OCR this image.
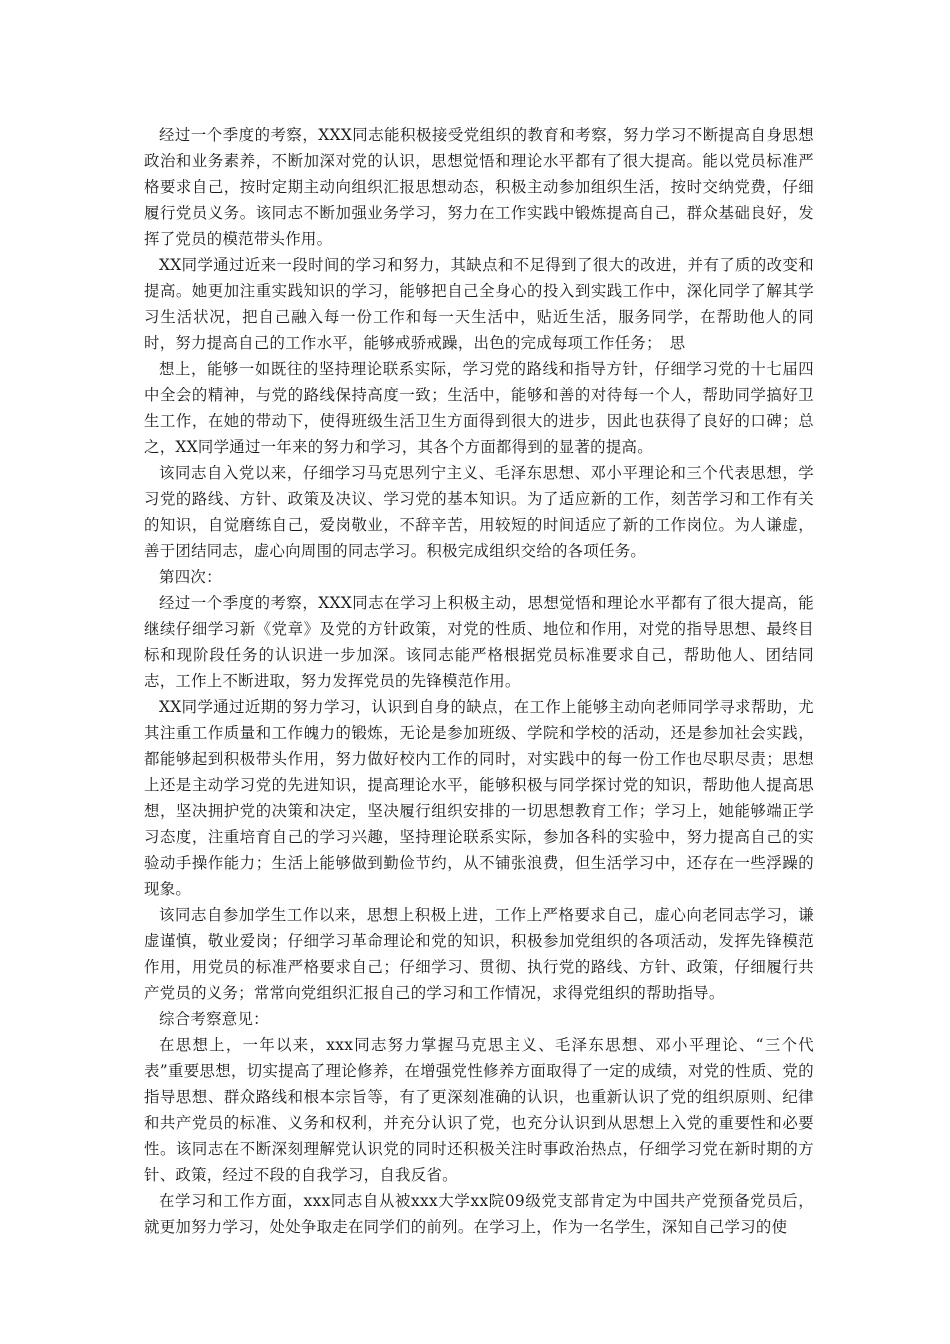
经过一个季度的考察，XXX同志能积极接受党组织的教育和考察，努力学习不断提高自身思想政治和业务素养，不断加深对党的认识，思想觉悟和理论水平都有了很大提高。能以党员标准严格要求自己，按时定期主动向组织汇报思想动态，积极主动参加组织生活，按时交纳党费，仔细履行党员义务。该同志不断加强业务学习，努力在工作实践中锻炼提高自己，群众基础良好，发挥了党员的模范带头作用。

XX同学通过近来一段时间的学习和努力，其缺点和不足得到了很大的改进，并有了质的改变和提高。她更加注重实践知识的学习，能够把自己全身心的投入到实践工作中，深化同学了解其学习生活状况，把自己融入每一份工作和每一天生活中，贴近生活，服务同学，在帮助他人的同时，努力提高自己的工作水平，能够戒骄戒躁，出色的完成每项工作任务；　思

想上，能够一如既往的坚持理论联系实际，学习党的路线和指导方针，仔细学习党的十七届四中全会的精神，与党的路线保持高度一致；生活中，能够和善的对待每一个人，帮助同学搞好卫生工作，在她的带动下，使得班级生活卫生方面得到很大的进步，因此也获得了良好的口碑；总之，XX同学通过一年来的努力和学习，其各个方面都得到的显著的提高。

该同志自入党以来，仔细学习马克思列宁主义、毛泽东思想、邓小平理论和三个代表思想，学习党的路线、方针、政策及决议、学习党的基本知识。为了适应新的工作，刻苦学习和工作有关的知识，自觉磨练自己，爱岗敬业，不辞辛苦，用较短的时间适应了新的工作岗位。为人谦虚，善于团结同志，虚心向周围的同志学习。积极完成组织交给的各项任务。

第四次：

经过一个季度的考察，XXX同志在学习上积极主动，思想觉悟和理论水平都有了很大提高，能继续仔细学习新《党章》及党的方针政策，对党的性质、地位和作用，对党的指导思想、最终目标和现阶段任务的认识进一步加深。该同志能严格根据党员标准要求自己，帮助他人、团结同志，工作上不断进取，努力发挥党员的先锋模范作用。

XX同学通过近期的努力学习，认识到自身的缺点，在工作上能够主动向老师同学寻求帮助，尤其注重工作质量和工作魄力的锻炼，无论是参加班级、学院和学校的活动，还是参加社会实践，都能够起到积极带头作用，努力做好校内工作的同时，对实践中的每一份工作也尽职尽责；思想上还是主动学习党的先进知识，提高理论水平，能够积极与同学探讨党的知识，帮助他人提高思想，坚决拥护党的决策和决定，坚决履行组织安排的一切思想教育工作；学习上，她能够端正学习态度，注重培育自己的学习兴趣，坚持理论联系实际，参加各科的实验中，努力提高自己的实验动手操作能力；生活上能够做到勤俭节约，从不铺张浪费，但生活学习中，还存在一些浮躁的现象。

该同志自参加学生工作以来，思想上积极上进，工作上严格要求自己，虚心向老同志学习，谦虚谨慎，敬业爱岗；仔细学习革命理论和党的知识，积极参加党组织的各项活动，发挥先锋模范作用，用党员的标准严格要求自己；仔细学习、贯彻、执行党的路线、方针、政策，仔细履行共产党员的义务；常常向党组织汇报自己的学习和工作情况，求得党组织的帮助指导。

综合考察意见：

在思想上，一年以来，xxx同志努力掌握马克思主义、毛泽东思想、邓小平理论、“三个代表”重要思想，切实提高了理论修养，在增强党性修养方面取得了一定的成绩，对党的性质、党的指导思想、群众路线和根本宗旨等，有了更深刻准确的认识，也重新认识了党的组织原则、纪律和共产党员的标准、义务和权利，并充分认识了党，也充分认识到从思想上入党的重要性和必要性。该同志在不断深刻理解党认识党的同时还积极关注时事政治热点，仔细学习党在新时期的方针、政策，经过不段的自我学习，自我反省。

在学习和工作方面，xxx同志自从被xxx大学xx院09级党支部肯定为中国共产党预备党员后，就更加努力学习，处处争取走在同学们的前列。在学习上，作为一名学生，深知自己学习的使
